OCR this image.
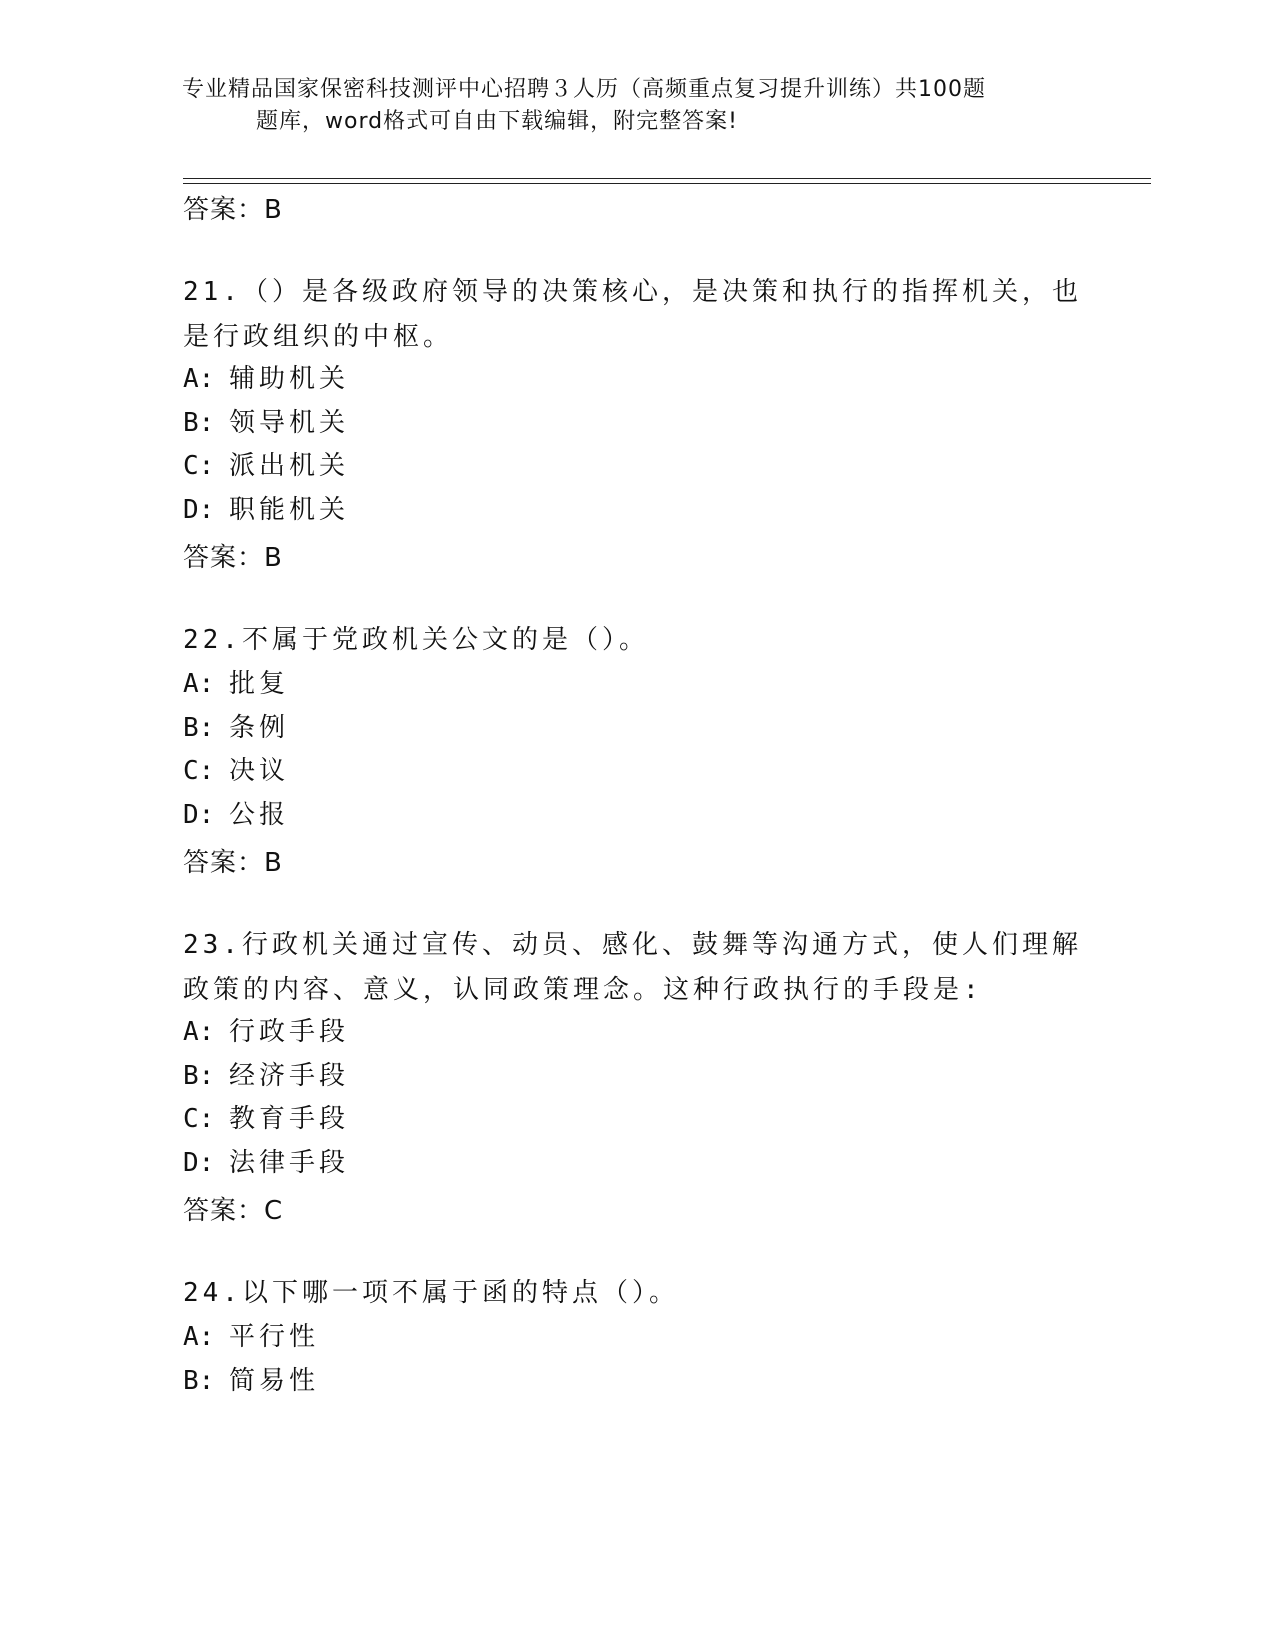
专业精品国家保密科技测评中心招聘３人历（高频重点复习提升训练）共100题
题库，word格式可自由下载编辑，附完整答案!
答案：B
21.（）是各级政府领导的决策核心，是决策和执行的指挥机关，也是行政组织的中枢。
A: 辅助机关
B: 领导机关
C: 派出机关
D: 职能机关
答案：B
22.不属于党政机关公文的是（）。
A: 批复
B: 条例
C: 决议
D: 公报
答案：B
23.行政机关通过宣传、动员、感化、鼓舞等沟通方式，使人们理解政策的内容、意义，认同政策理念。这种行政执行的手段是:
A: 行政手段
B: 经济手段
C: 教育手段
D: 法律手段
答案：C
24.以下哪一项不属于函的特点（）。
A: 平行性
B: 简易性
